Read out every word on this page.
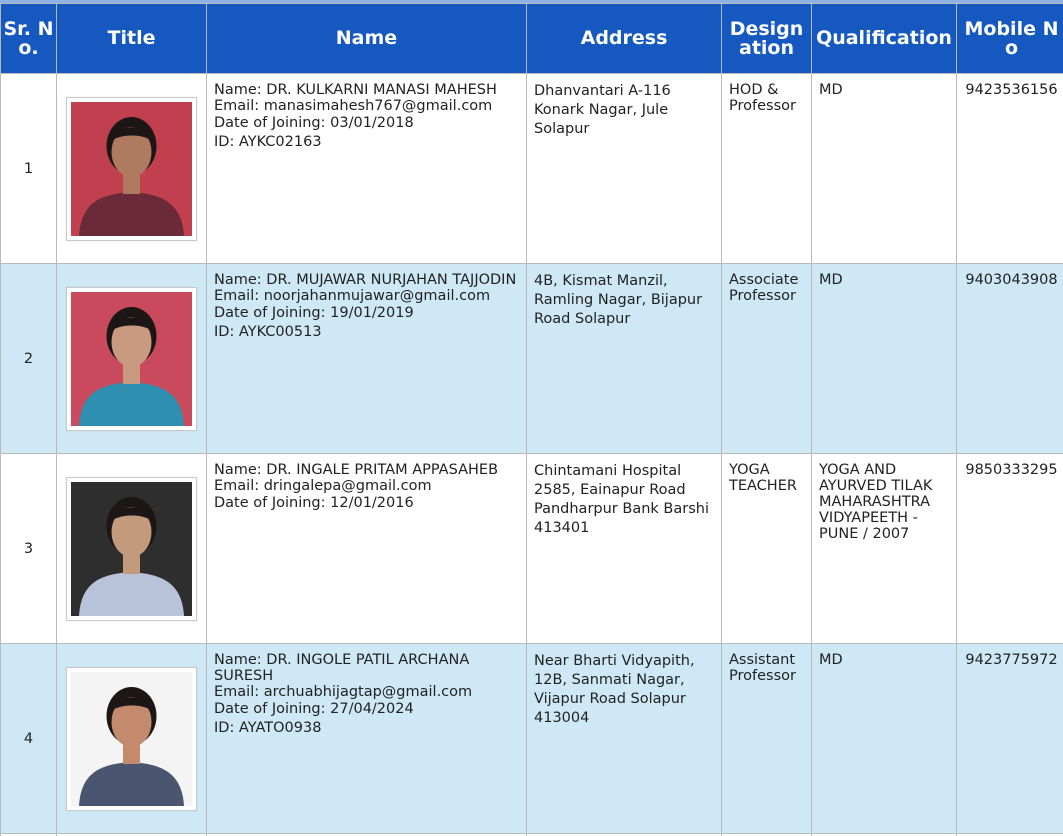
Sr. No.	Title	Name	Address	Designation	Qualification	Mobile No
1		Name: DR. KULKARNI MANASI MAHESH
Email: manasimahesh767@gmail.com
Date of Joining: 03/01/2018
ID: AYKC02163	Dhanvantari A-116 Konark Nagar, Jule Solapur	HOD & Professor	MD	9423536156
2		Name: DR. MUJAWAR NURJAHAN TAJJODIN
Email: noorjahanmujawar@gmail.com
Date of Joining: 19/01/2019
ID: AYKC00513	4B, Kismat Manzil, Ramling Nagar, Bijapur Road Solapur	Associate Professor	MD	9403043908
3		Name: DR. INGALE PRITAM APPASAHEB
Email: dringalepa@gmail.com
Date of Joining: 12/01/2016	Chintamani Hospital 2585, Eainapur Road Pandharpur Bank Barshi 413401	YOGA TEACHER	YOGA AND AYURVED TILAK MAHARASHTRA VIDYAPEETH - PUNE / 2007	9850333295
4		Name: DR. INGOLE PATIL ARCHANA SURESH
Email: archuabhijagtap@gmail.com
Date of Joining: 27/04/2024
ID: AYATO0938	Near Bharti Vidyapith, 12B, Sanmati Nagar, Vijapur Road Solapur 413004	Assistant Professor	MD	9423775972
